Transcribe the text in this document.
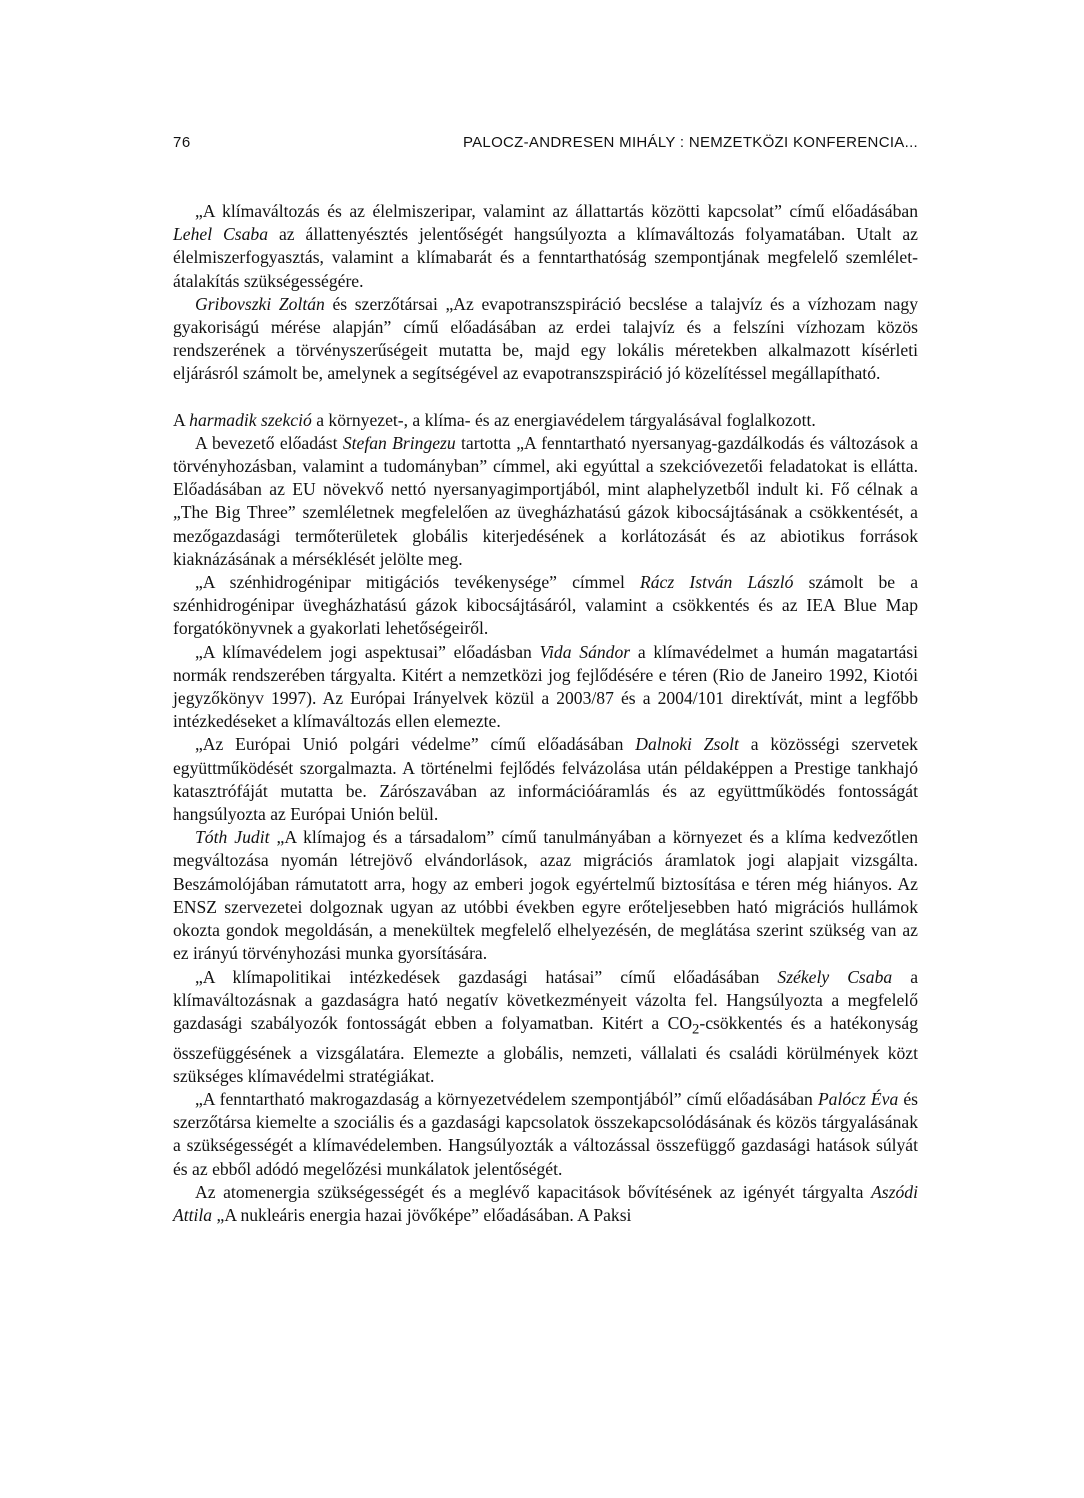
76	PALOCZ-ANDRESEN MIHÁLY : NEMZETKÖZI KONFERENCIA...

„A klímaváltozás és az élelmiszeripar, valamint az állattartás közötti kapcsolat” című előadásában Lehel Csaba az állattenyésztés jelentőségét hangsúlyozta a klímaváltozás folyamatában. Utalt az élelmiszerfogyasztás, valamint a klímabarát és a fenntarthatóság szempontjának megfelelő szemlélet-átalakítás szükségességére.

Gribovszki Zoltán és szerzőtársai „Az evapotranszspiráció becslése a talajvíz és a vízhozam nagy gyakoriságú mérése alapján” című előadásában az erdei talajvíz és a felszíni vízhozam közös rendszerének a törvényszerűségeit mutatta be, majd egy lokális méretekben alkalmazott kísérleti eljárásról számolt be, amelynek a segítségével az evapotranszspiráció jó közelítéssel megállapítható.

A harmadik szekció a környezet-, a klíma- és az energiavédelem tárgyalásával foglalkozott.

A bevezető előadást Stefan Bringezu tartotta „A fenntartható nyersanyag-gazdálkodás és változások a törvényhozásban, valamint a tudományban” címmel, aki egyúttal a szekcióvezetői feladatokat is ellátta. Előadásában az EU növekvő nettó nyersanyagimportjából, mint alaphelyzetből indult ki. Fő célnak a „The Big Three” szemléletnek megfelelően az üvegházhatású gázok kibocsájtásának a csökkentését, a mezőgazdasági termőterületek globális kiterjedésének a korlátozását és az abiotikus források kiaknázásának a mérséklését jelölte meg.

„A szénhidrogénipar mitigációs tevékenysége” címmel Rácz István László számolt be a szénhidrogénipar üvegházhatású gázok kibocsájtásáról, valamint a csökkentés és az IEA Blue Map forgatókönyvnek a gyakorlati lehetőségeiről.

„A klímavédelem jogi aspektusai” előadásban Vida Sándor a klímavédelmet a humán magatartási normák rendszerében tárgyalta. Kitért a nemzetközi jog fejlődésére e téren (Rio de Janeiro 1992, Kiotói jegyzőkönyv 1997). Az Európai Irányelvek közül a 2003/87 és a 2004/101 direktívát, mint a legfőbb intézkedéseket a klímaváltozás ellen elemezte.

„Az Európai Unió polgári védelme” című előadásában Dalnoki Zsolt a közösségi szervetek együttműködését szorgalmazta. A történelmi fejlődés felvázolása után példaképpen a Prestige tankhajó katasztrófáját mutatta be. Zárószavában az információáramlás és az együttműködés fontosságát hangsúlyozta az Európai Unión belül.

Tóth Judit „A klímajog és a társadalom” című tanulmányában a környezet és a klíma kedvezőtlen megváltozása nyomán létrejövő elvándorlások, azaz migrációs áramlatok jogi alapjait vizsgálta. Beszámolójában rámutatott arra, hogy az emberi jogok egyértelmű biztosítása e téren még hiányos. Az ENSZ szervezetei dolgoznak ugyan az utóbbi években egyre erőteljesebben ható migrációs hullámok okozta gondok megoldásán, a menekültek megfelelő elhelyezésén, de meglátása szerint szükség van az ez irányú törvényhozási munka gyorsítására.

„A klímapolitikai intézkedések gazdasági hatásai” című előadásában Székely Csaba a klímaváltozásnak a gazdaságra ható negatív következményeit vázolta fel. Hangsúlyozta a megfelelő gazdasági szabályozók fontosságát ebben a folyamatban. Kitért a $CO_2$-csökkentés és a hatékonyság összefüggésének a vizsgálatára. Elemezte a globális, nemzeti, vállalati és családi körülmények közt szükséges klímavédelmi stratégiákat.

„A fenntartható makrogazdaság a környezetvédelem szempontjából” című előadásában Palócz Éva és szerzőtársa kiemelte a szociális és a gazdasági kapcsolatok összekapcsolódásának és közös tárgyalásának a szükségességét a klímavédelemben. Hangsúlyozták a változással összefüggő gazdasági hatások súlyát és az ebből adódó megelőzési munkálatok jelentőségét.

Az atomenergia szükségességét és a meglévő kapacitások bővítésének az igényét tárgyalta Aszódi Attila „A nukleáris energia hazai jövőképe” előadásában. A Paksi
